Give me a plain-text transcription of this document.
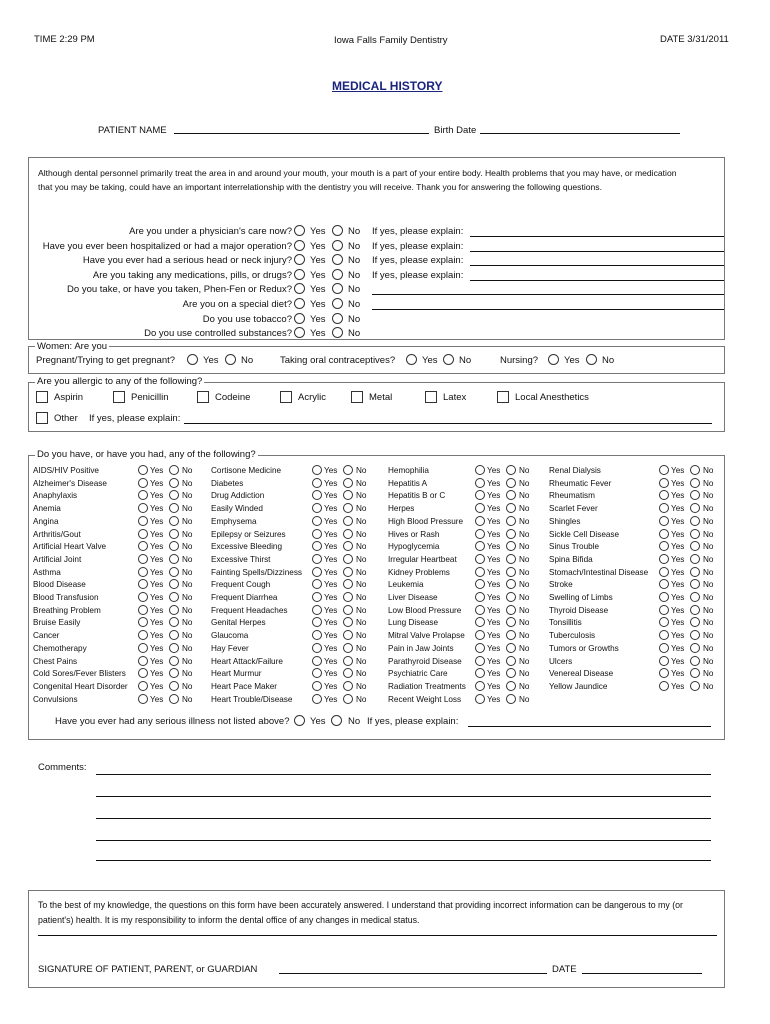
TIME 2:29 PM	Iowa Falls Family Dentistry	DATE 3/31/2011
MEDICAL HISTORY
PATIENT NAME	Birth Date
Although dental personnel primarily treat the area in and around your mouth, your mouth is a part of your entire body. Health problems that you may have, or medication that you may be taking, could have an important interrelationship with the dentistry you will receive. Thank you for answering the following questions.
Are you under a physician's care now? Yes No If yes, please explain:
Have you ever been hospitalized or had a major operation? Yes No If yes, please explain:
Have you ever had a serious head or neck injury? Yes No If yes, please explain:
Are you taking any medications, pills, or drugs? Yes No If yes, please explain:
Do you take, or have you taken, Phen-Fen or Redux? Yes No
Are you on a special diet? Yes No
Do you use tobacco? Yes No
Do you use controlled substances? Yes No
Women: Are you
Pregnant/Trying to get pregnant?	Yes No	Taking oral contraceptives?	Yes No	Nursing?	Yes No
Are you allergic to any of the following?
Aspirin	Penicillin	Codeine	Acrylic	Metal	Latex	Local Anesthetics
Other If yes, please explain:
Do you have, or have you had, any of the following?
AIDS/HIV Positive	Yes No
Alzheimer's Disease	Yes No
Anaphylaxis	Yes No
Anemia	Yes No
Angina	Yes No
Arthritis/Gout	Yes No
Artificial Heart Valve	Yes No
Artificial Joint	Yes No
Asthma	Yes No
Blood Disease	Yes No
Blood Transfusion	Yes No
Breathing Problem	Yes No
Bruise Easily	Yes No
Cancer	Yes No
Chemotherapy	Yes No
Chest Pains	Yes No
Cold Sores/Fever Blisters	Yes No
Congenital Heart Disorder	Yes No
Convulsions	Yes No
Cortisone Medicine	Yes No
Diabetes	Yes No
Drug Addiction	Yes No
Easily Winded	Yes No
Emphysema	Yes No
Epilepsy or Seizures	Yes No
Excessive Bleeding	Yes No
Excessive Thirst	Yes No
Fainting Spells/Dizziness	Yes No
Frequent Cough	Yes No
Frequent Diarrhea	Yes No
Frequent Headaches	Yes No
Genital Herpes	Yes No
Glaucoma	Yes No
Hay Fever	Yes No
Heart Attack/Failure	Yes No
Heart Murmur	Yes No
Heart Pace Maker	Yes No
Heart Trouble/Disease	Yes No
Hemophilia	Yes No
Hepatitis A	Yes No
Hepatitis B or C	Yes No
Herpes	Yes No
High Blood Pressure	Yes No
Hives or Rash	Yes No
Hypoglycemia	Yes No
Irregular Heartbeat	Yes No
Kidney Problems	Yes No
Leukemia	Yes No
Liver Disease	Yes No
Low Blood Pressure	Yes No
Lung Disease	Yes No
Mitral Valve Prolapse	Yes No
Pain in Jaw Joints	Yes No
Parathyroid Disease	Yes No
Psychiatric Care	Yes No
Radiation Treatments	Yes No
Recent Weight Loss	Yes No
Renal Dialysis	Yes No
Rheumatic Fever	Yes No
Rheumatism	Yes No
Scarlet Fever	Yes No
Shingles	Yes No
Sickle Cell Disease	Yes No
Sinus Trouble	Yes No
Spina Bifida	Yes No
Stomach/Intestinal Disease	Yes No
Stroke	Yes No
Swelling of Limbs	Yes No
Thyroid Disease	Yes No
Tonsillitis	Yes No
Tuberculosis	Yes No
Tumors or Growths	Yes No
Ulcers	Yes No
Venereal Disease	Yes No
Yellow Jaundice	Yes No
Have you ever had any serious illness not listed above? Yes No If yes, please explain:
Comments:
To the best of my knowledge, the questions on this form have been accurately answered. I understand that providing incorrect information can be dangerous to my (or patient's) health. It is my responsibility to inform the dental office of any changes in medical status.
SIGNATURE OF PATIENT, PARENT, or GUARDIAN	DATE
